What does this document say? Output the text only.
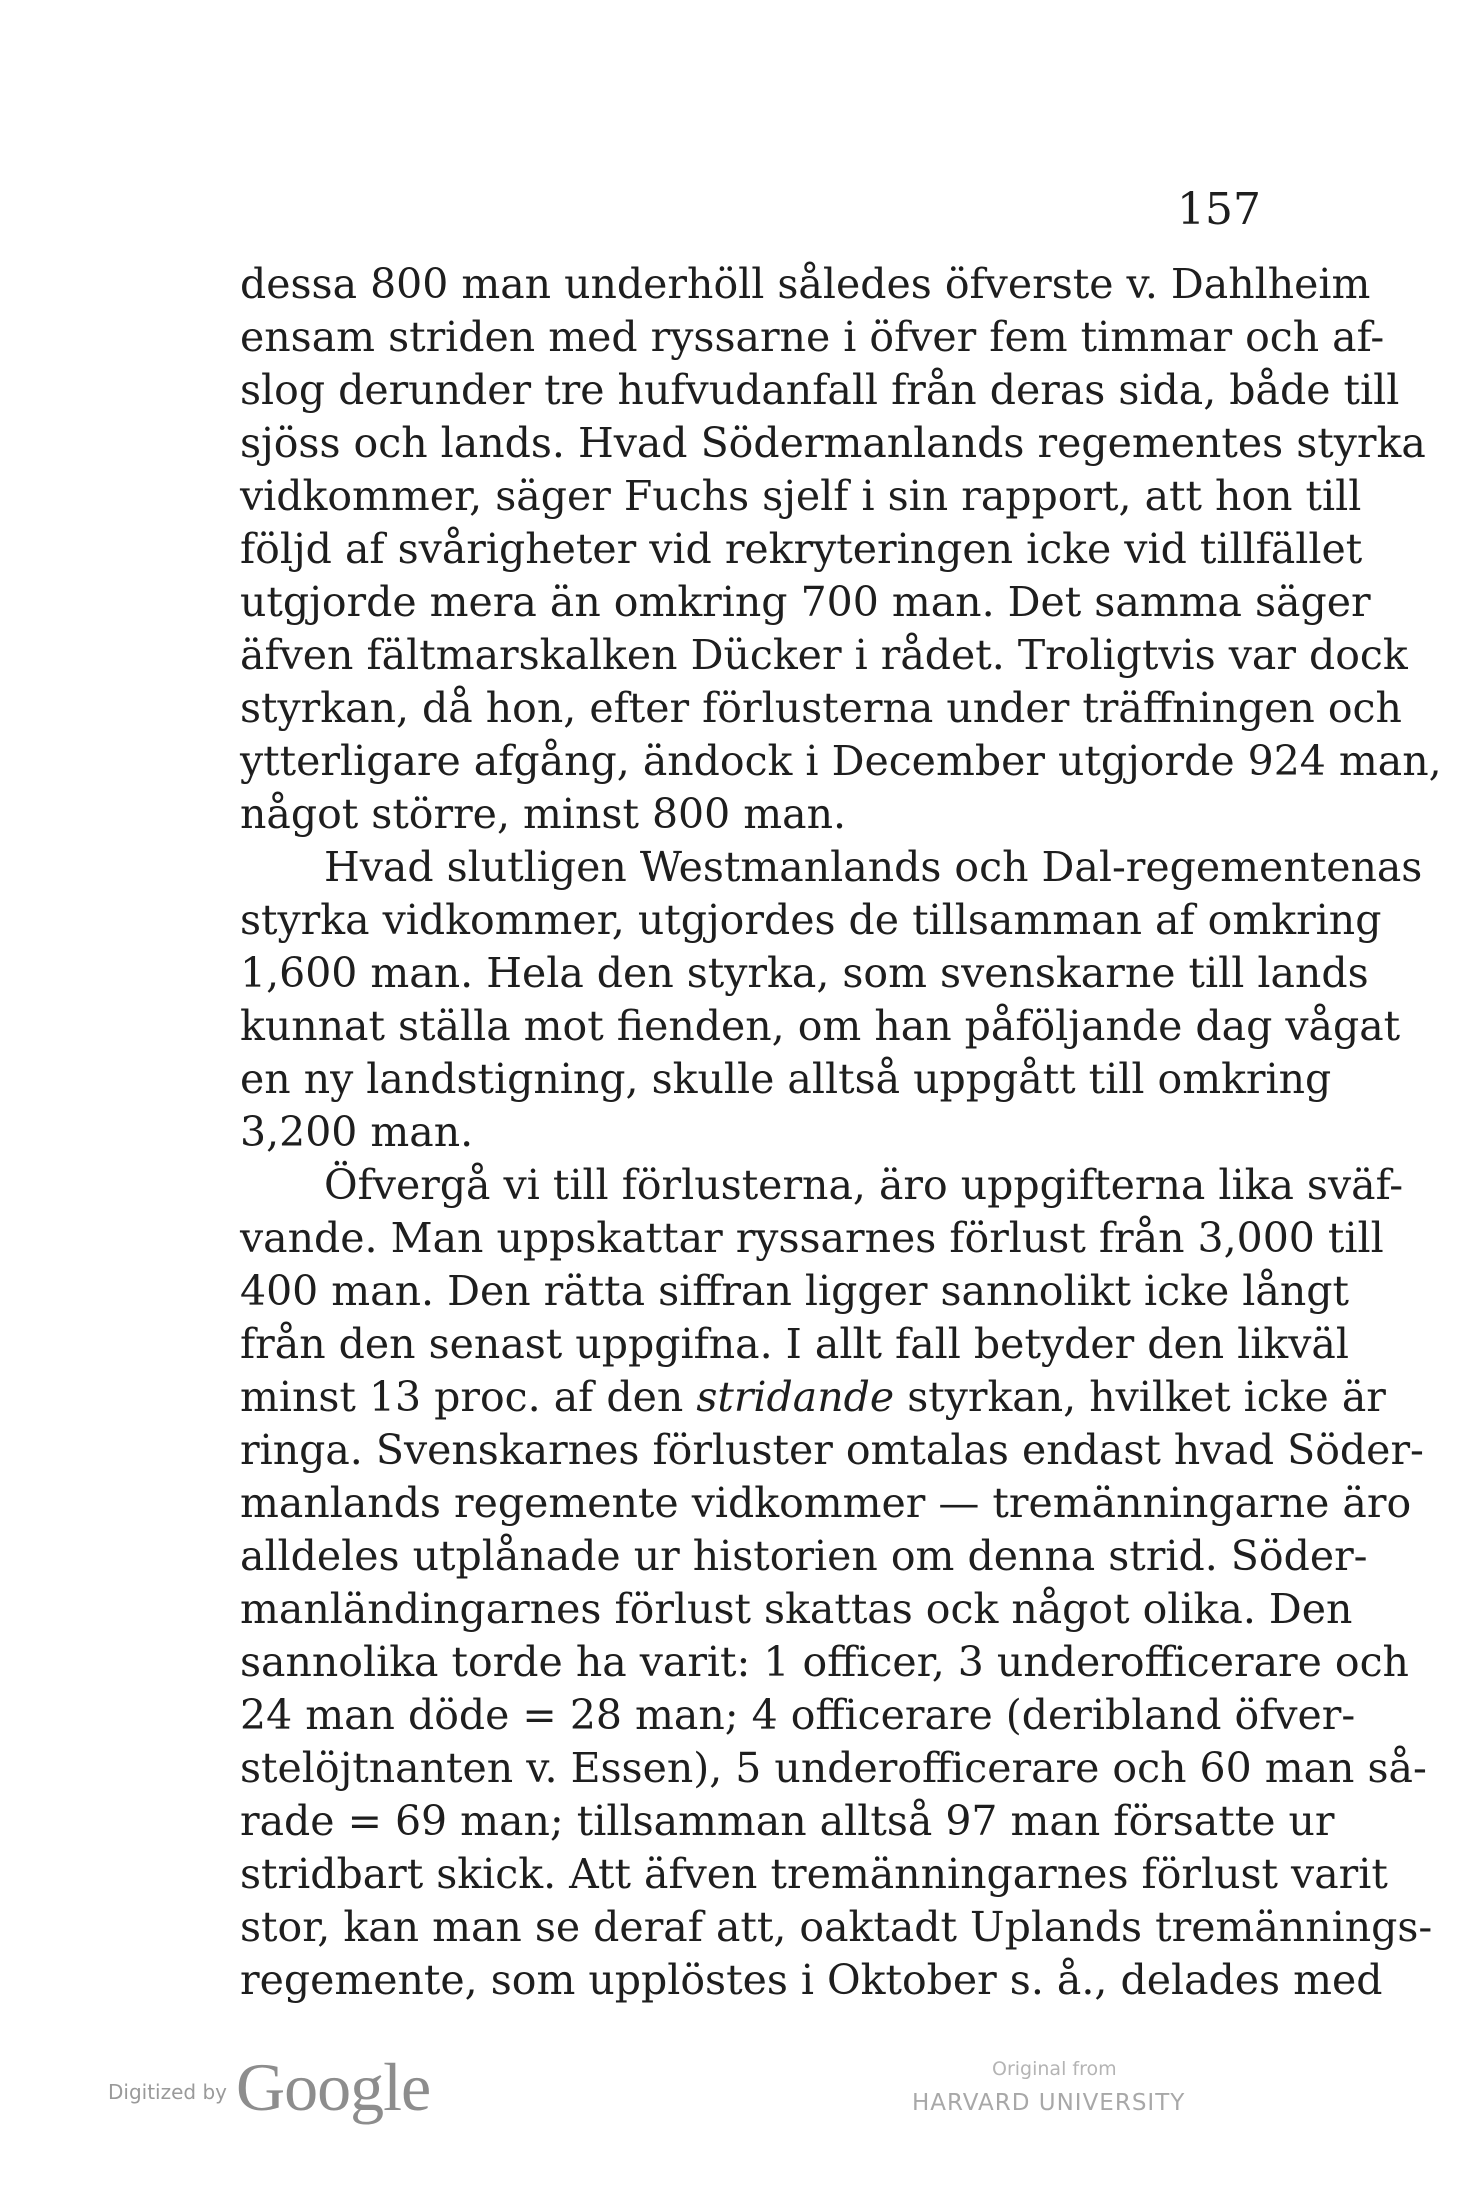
157
dessa 800 man underhöll således öfverste v. Dahlheim
ensam striden med ryssarne i öfver fem timmar och af-
slog derunder tre hufvudanfall från deras sida, både till
sjöss och lands. Hvad Södermanlands regementes styrka
vidkommer, säger Fuchs sjelf i sin rapport, att hon till
följd af svårigheter vid rekryteringen icke vid tillfället
utgjorde mera än omkring 700 man. Det samma säger
äfven fältmarskalken Dücker i rådet. Troligtvis var dock
styrkan, då hon, efter förlusterna under träffningen och
ytterligare afgång, ändock i December utgjorde 924 man,
något större, minst 800 man.
Hvad slutligen Westmanlands och Dal-regementenas
styrka vidkommer, utgjordes de tillsamman af omkring
1,600 man. Hela den styrka, som svenskarne till lands
kunnat ställa mot fienden, om han påföljande dag vågat
en ny landstigning, skulle alltså uppgått till omkring
3,200 man.
Öfvergå vi till förlusterna, äro uppgifterna lika sväf-
vande. Man uppskattar ryssarnes förlust från 3,000 till
400 man. Den rätta siffran ligger sannolikt icke långt
från den senast uppgifna. I allt fall betyder den likväl
minst 13 proc. af den stridande styrkan, hvilket icke är
ringa. Svenskarnes förluster omtalas endast hvad Söder-
manlands regemente vidkommer — tremänningarne äro
alldeles utplånade ur historien om denna strid. Söder-
manländingarnes förlust skattas ock något olika. Den
sannolika torde ha varit: 1 officer, 3 underofficerare och
24 man döde = 28 man; 4 officerare (deribland öfver-
stelöjtnanten v. Essen), 5 underofficerare och 60 man så-
rade = 69 man; tillsamman alltså 97 man försatte ur
stridbart skick. Att äfven tremänningarnes förlust varit
stor, kan man se deraf att, oaktadt Uplands tremännings-
regemente, som upplöstes i Oktober s. å., delades med
Digitized by Google	Original from
HARVARD UNIVERSITY
